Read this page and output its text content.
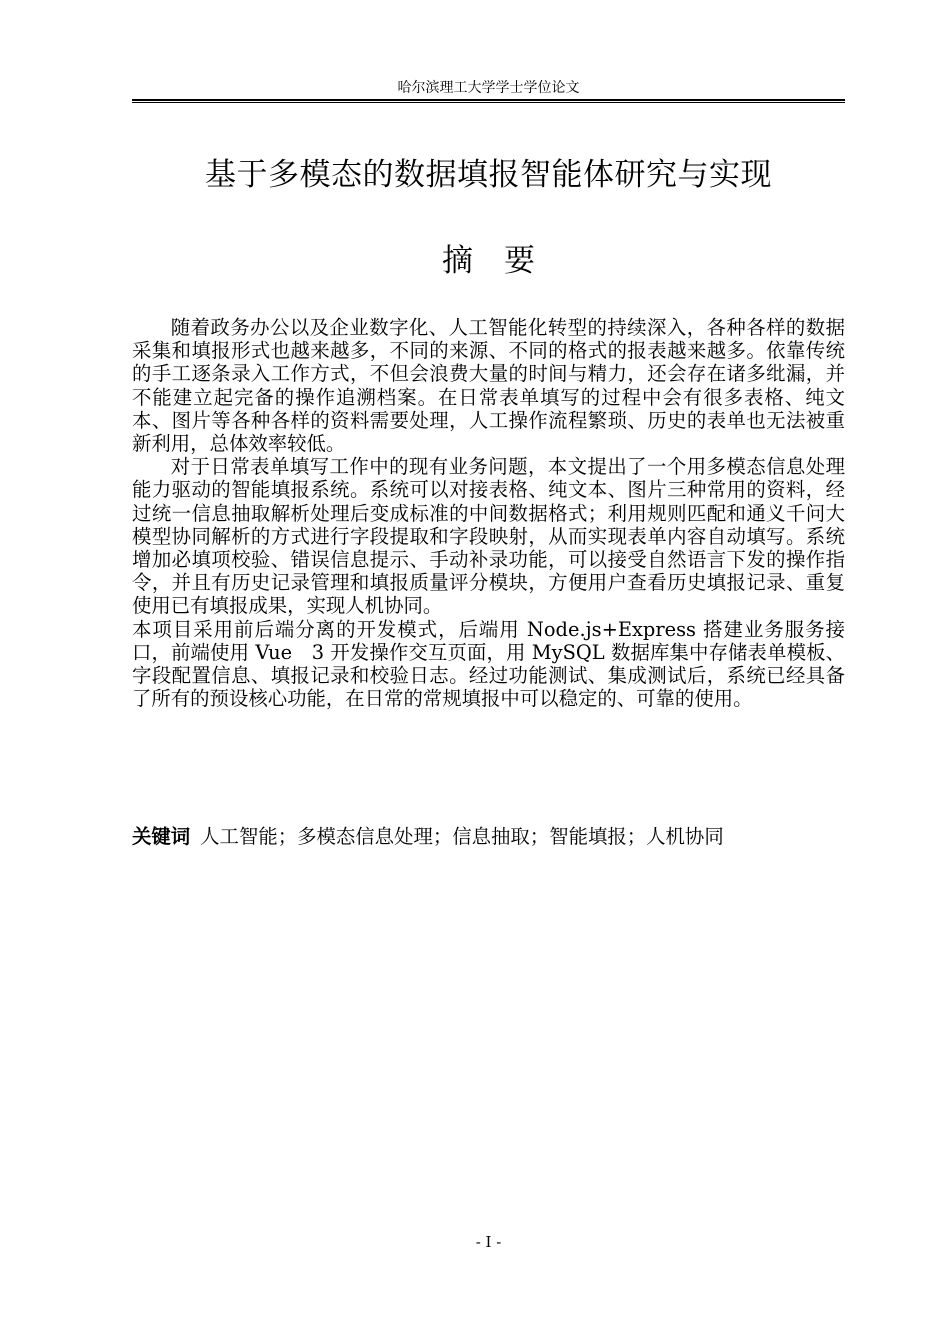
哈尔滨理工大学学士学位论文
基于多模态的数据填报智能体研究与实现
摘　要

随着政务办公以及企业数字化、人工智能化转型的持续深入，各种各样的数据采集和填报形式也越来越多，不同的来源、不同的格式的报表越来越多。依靠传统的手工逐条录入工作方式，不但会浪费大量的时间与精力，还会存在诸多纰漏，并不能建立起完备的操作追溯档案。在日常表单填写的过程中会有很多表格、纯文本、图片等各种各样的资料需要处理，人工操作流程繁琐、历史的表单也无法被重新利用，总体效率较低。

对于日常表单填写工作中的现有业务问题，本文提出了一个用多模态信息处理能力驱动的智能填报系统。系统可以对接表格、纯文本、图片三种常用的资料，经过统一信息抽取解析处理后变成标准的中间数据格式；利用规则匹配和通义千问大模型协同解析的方式进行字段提取和字段映射，从而实现表单内容自动填写。系统增加必填项校验、错误信息提示、手动补录功能，可以接受自然语言下发的操作指令，并且有历史记录管理和填报质量评分模块，方便用户查看历史填报记录、重复使用已有填报成果，实现人机协同。

本项目采用前后端分离的开发模式，后端用 Node.js+Express 搭建业务服务接口，前端使用 Vue　3 开发操作交互页面，用 MySQL 数据库集中存储表单模板、字段配置信息、填报记录和校验日志。经过功能测试、集成测试后，系统已经具备了所有的预设核心功能，在日常的常规填报中可以稳定的、可靠的使用。

关键词 人工智能；多模态信息处理；信息抽取；智能填报；人机协同
- I -
